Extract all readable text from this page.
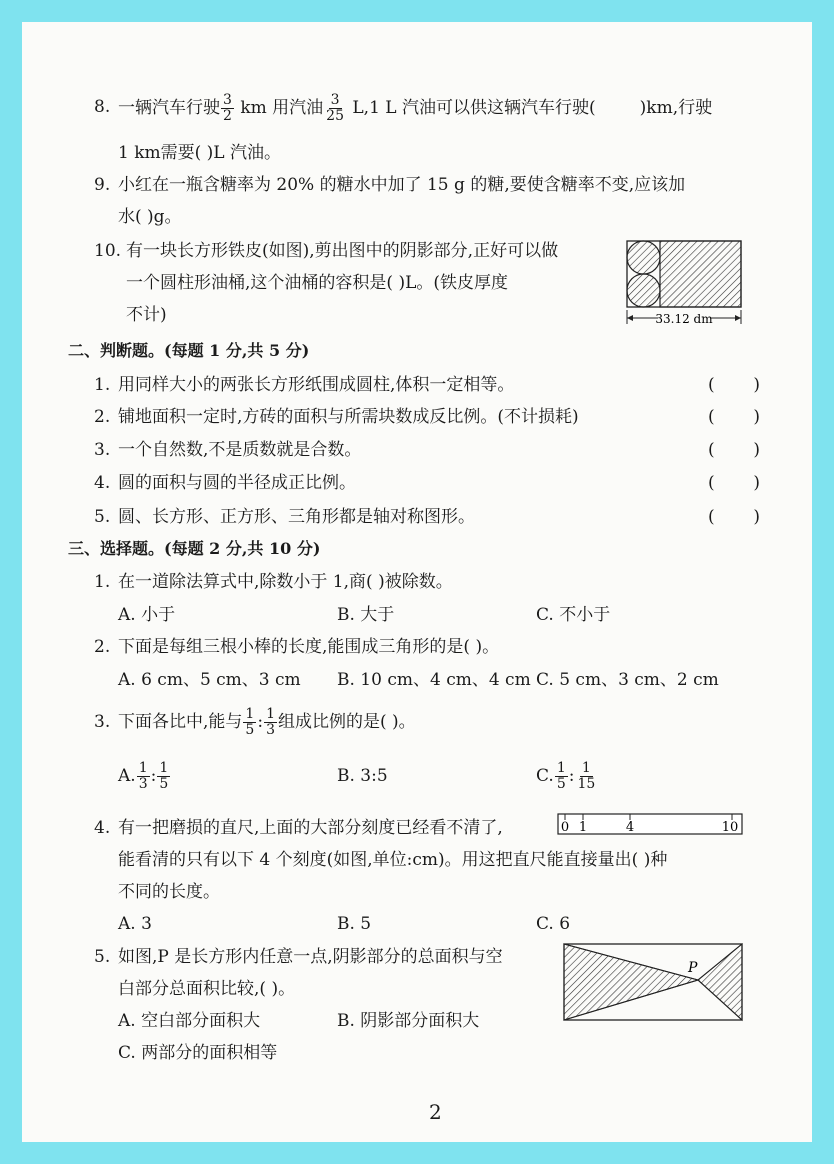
8. 一辆汽车行驶 $\frac{3}{2}$ km 用汽油 $\frac{3}{25} L,1$ L 汽油可以供这辆汽车行驶(	)km,行驶
1 km需要( )L 汽油。
9. 小红在一瓶含糖率为 20% 的糖水中加了 15 g 的糖,要使含糖率不变,应该加
水( )g。
10. 有一块长方形铁皮(如图),剪出图中的阴影部分,正好可以做
一个圆柱形油桶,这个油桶的容积是( )L。(铁皮厚度
不计)	33.12 dm
二、判断题。(每题 1 分,共 5 分)
1. 用同样大小的两张长方形纸围成圆柱,体积一定相等。
2. 铺地面积一定时,方砖的面积与所需块数成反比例。(不计损耗)
3. 一个自然数,不是质数就是合数。
4. 圆的面积与圆的半径成正比例。
5. 圆、长方形、正方形、三角形都是轴对称图形。
三、选择题。(每题 2 分,共 10 分)
1. 在一道除法算式中,除数小于 1,商( )被除数。
A. 小于	B. 大于	C. 不小于
2. 下面是每组三根小棒的长度,能围成三角形的是( )。
A. 6 cm、5 cm、3 cm B. 10 cm、4 cm、4 cm C. 5 cm、3 cm、2 cm
3. 下面各比中,能与 $\frac{1}{5}$ : $\frac{1}{3}$ 组成比例的是( )。
A. $\frac{1}{3}$ : $\frac{1}{5}$	B. 3:5	C. $\frac{1}{5}$ : $\frac{1}{15}$
4. 有一把磨损的直尺,上面的大部分刻度已经看不清了,
能看清的只有以下 4 个刻度(如图,单位:cm)。用这把直尺能直接量出( )种
不同的长度。
0 1	4	10
A. 3	B. 5	C. 6
5. 如图,P 是长方形内任意一点,阴影部分的总面积与空
白部分总面积比较,( )。
A. 空白部分面积大	B. 阴影部分面积大
C. 两部分的面积相等
P
2
